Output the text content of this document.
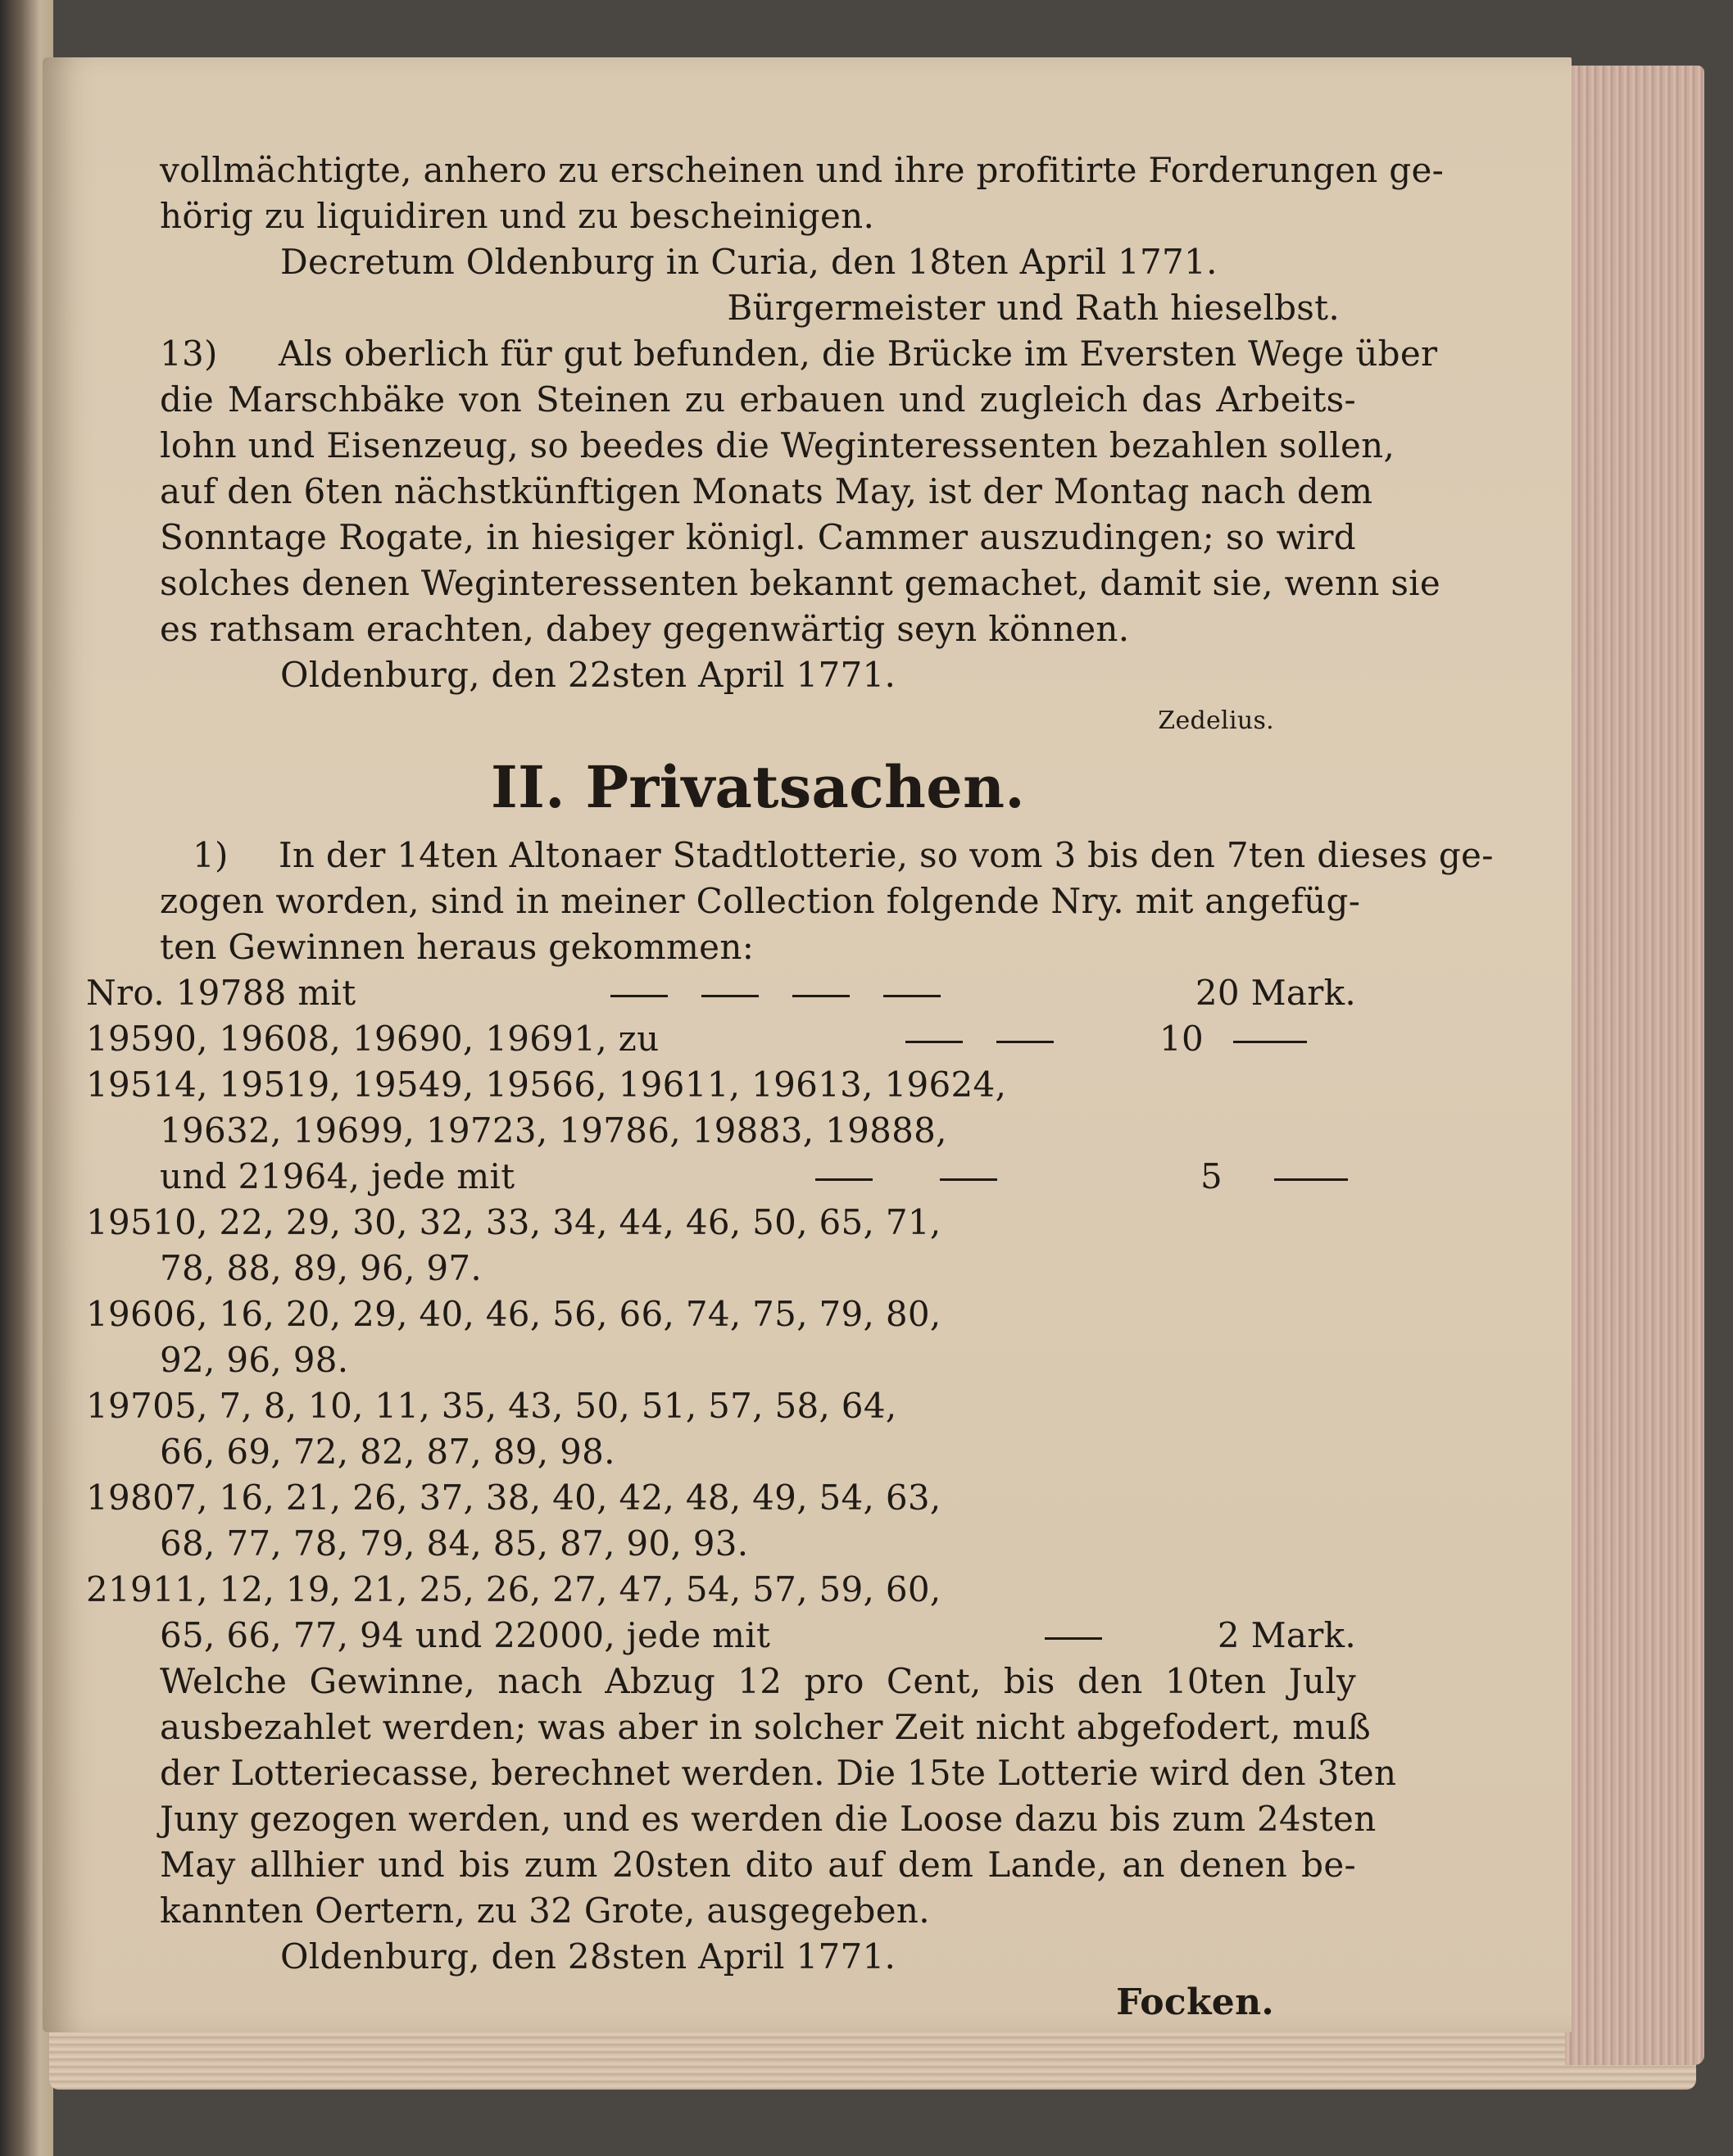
vollmächtigte, anhero zu erscheinen und ihre profitirte Forderungen ge-
hörig zu liquidiren und zu bescheinigen.
Decretum Oldenburg in Curia, den 18ten April 1771.
Bürgermeister und Rath hieselbst.
13) Als oberlich für gut befunden, die Brücke im Eversten Wege über
die Marschbäke von Steinen zu erbauen und zugleich das Arbeits-
lohn und Eisenzeug, so beedes die Weginteressenten bezahlen sollen,
auf den 6ten nächstkünftigen Monats May, ist der Montag nach dem
Sonntage Rogate, in hiesiger königl. Cammer auszudingen; so wird
solches denen Weginteressenten bekannt gemachet, damit sie, wenn sie
es rathsam erachten, dabey gegenwärtig seyn können.
Oldenburg, den 22sten April 1771.
Zedelius.
II. Privatsachen.
1) In der 14ten Altonaer Stadtlotterie, so vom 3 bis den 7ten dieses ge-
zogen worden, sind in meiner Collection folgende Nry. mit angefüg-
ten Gewinnen heraus gekommen:
Nro. 19788 mit
	20 Mark.
19590, 19608, 19690, 19691, zu
	10
19514, 19519, 19549, 19566, 19611, 19613, 19624,
19632, 19699, 19723, 19786, 19883, 19888,
und 21964, jede mit
	5
19510, 22, 29, 30, 32, 33, 34, 44, 46, 50, 65, 71,
78, 88, 89, 96, 97.
19606, 16, 20, 29, 40, 46, 56, 66, 74, 75, 79, 80,
92, 96, 98.
19705, 7, 8, 10, 11, 35, 43, 50, 51, 57, 58, 64,
66, 69, 72, 82, 87, 89, 98.
19807, 16, 21, 26, 37, 38, 40, 42, 48, 49, 54, 63,
68, 77, 78, 79, 84, 85, 87, 90, 93.
21911, 12, 19, 21, 25, 26, 27, 47, 54, 57, 59, 60,
65, 66, 77, 94 und 22000, jede mit	2 Mark.
Welche Gewinne, nach Abzug 12 pro Cent, bis den 10ten July
ausbezahlet werden; was aber in solcher Zeit nicht abgefodert, muß
der Lotteriecasse, berechnet werden. Die 15te Lotterie wird den 3ten
Juny gezogen werden, und es werden die Loose dazu bis zum 24sten
May allhier und bis zum 20sten dito auf dem Lande, an denen be-
kannten Oertern, zu 32 Grote, ausgegeben.
Oldenburg, den 28sten April 1771.
Focken.
